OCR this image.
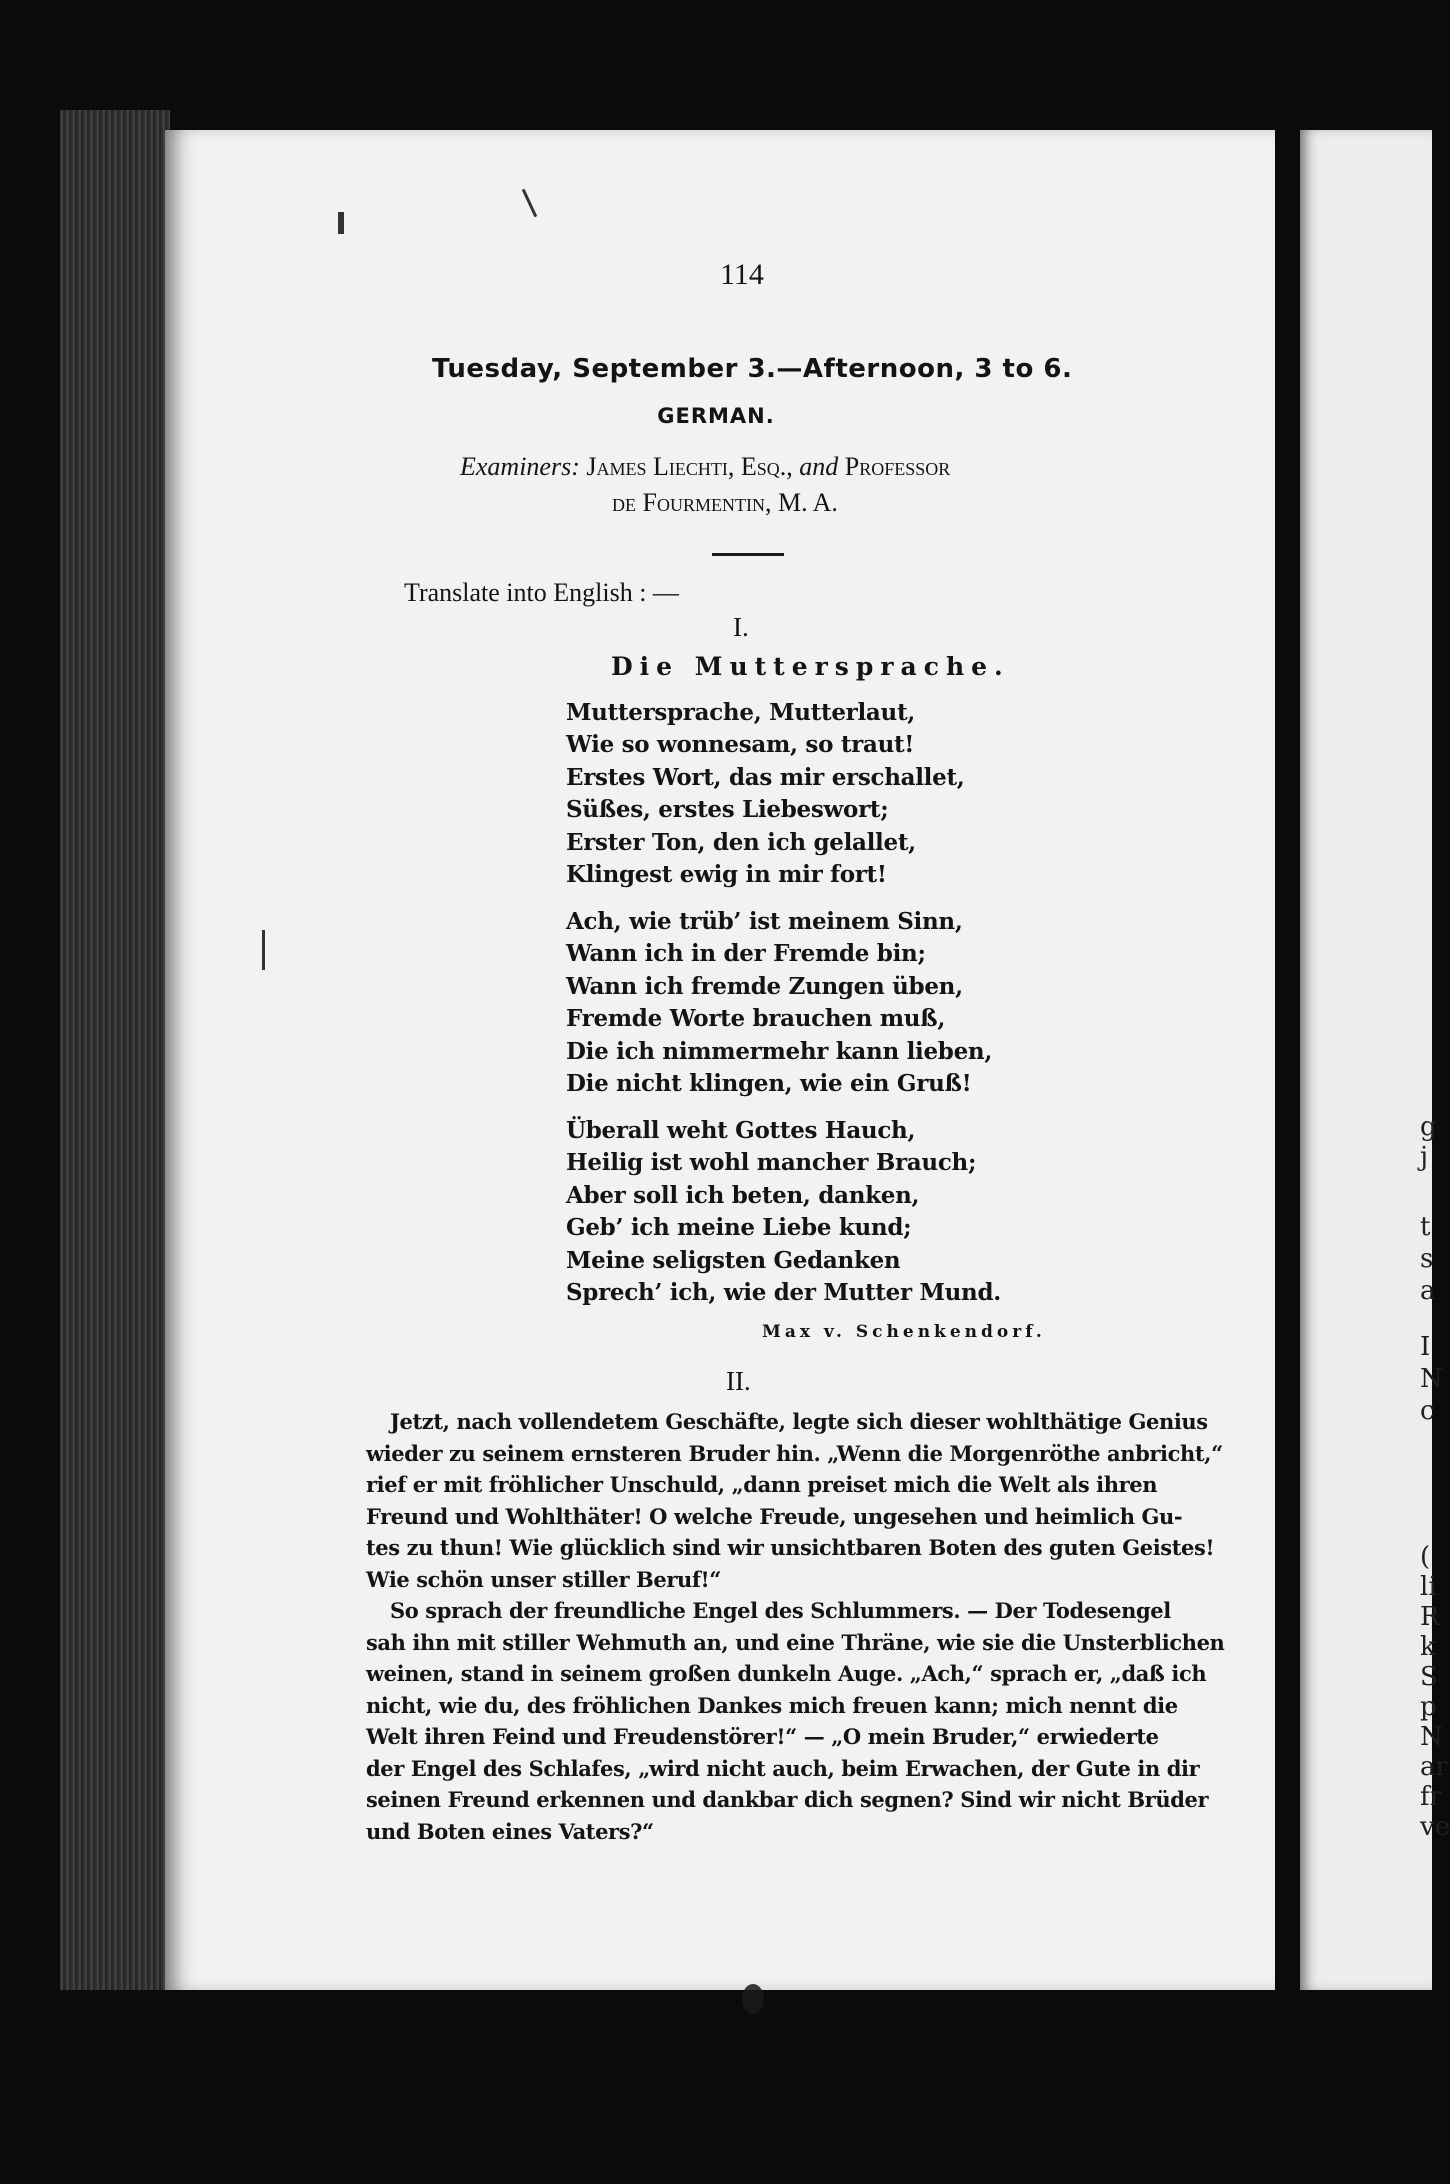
g
j
t
s
a
I
N
c
(
li
R
k
S
p
N
ar
fr
ve
114
Tuesday, September 3.—Afternoon, 3 to 6.
GERMAN.
Examiners: James Liechti, Esq., and Professor
de Fourmentin, M. A.
Translate into English : —
I.
Die Muttersprache.
Muttersprache, Mutterlaut,
Wie so wonnesam, so traut!
Erstes Wort, das mir erschallet,
Süßes, erstes Liebeswort;
Erster Ton, den ich gelallet,
Klingest ewig in mir fort!
Ach, wie trüb’ ist meinem Sinn,
Wann ich in der Fremde bin;
Wann ich fremde Zungen üben,
Fremde Worte brauchen muß,
Die ich nimmermehr kann lieben,
Die nicht klingen, wie ein Gruß!
Überall weht Gottes Hauch,
Heilig ist wohl mancher Brauch;
Aber soll ich beten, danken,
Geb’ ich meine Liebe kund;
Meine seligsten Gedanken
Sprech’ ich, wie der Mutter Mund.
Max v. Schenkendorf.
II.
Jetzt, nach vollendetem Geschäfte, legte sich dieser wohlthätige Genius
wieder zu seinem ernsteren Bruder hin. „Wenn die Morgenröthe anbricht,“
rief er mit fröhlicher Unschuld, „dann preiset mich die Welt als ihren
Freund und Wohlthäter! O welche Freude, ungesehen und heimlich Gu-
tes zu thun! Wie glücklich sind wir unsichtbaren Boten des guten Geistes!
Wie schön unser stiller Beruf!“
So sprach der freundliche Engel des Schlummers. — Der Todesengel
sah ihn mit stiller Wehmuth an, und eine Thräne, wie sie die Unsterblichen
weinen, stand in seinem großen dunkeln Auge. „Ach,“ sprach er, „daß ich
nicht, wie du, des fröhlichen Dankes mich freuen kann; mich nennt die
Welt ihren Feind und Freudenstörer!“ — „O mein Bruder,“ erwiederte
der Engel des Schlafes, „wird nicht auch, beim Erwachen, der Gute in dir
seinen Freund erkennen und dankbar dich segnen? Sind wir nicht Brüder
und Boten eines Vaters?“
